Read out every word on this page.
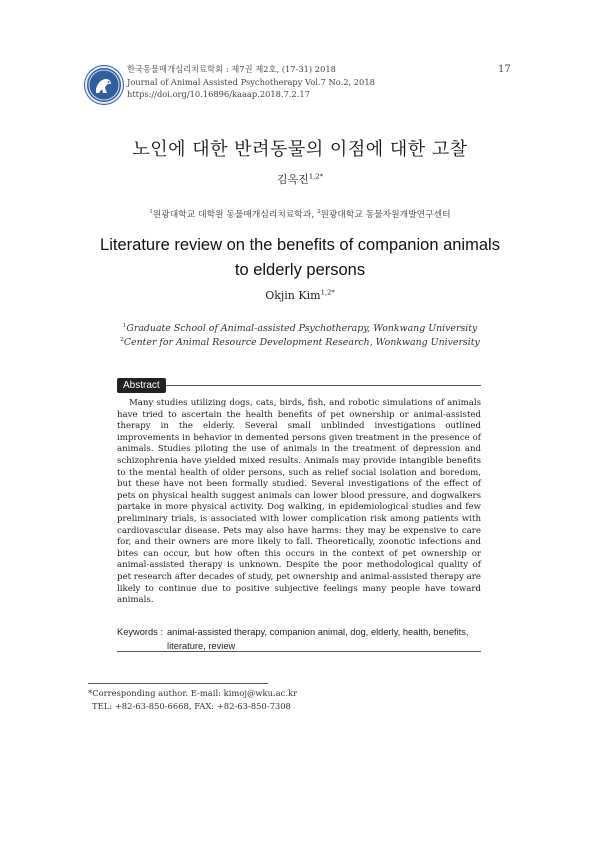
한국동물매개심리치료학회 : 제7권 제2호, (17-31) 2018
Journal of Animal Assisted Psychotherapy Vol.7 No.2, 2018
https://doi.org/10.16896/kaaap.2018.7.2.17
17
노인에 대한 반려동물의 이점에 대한 고찰
김옥진$^{1,2*}$
$^1$원광대학교 대학원 동물매개심리치료학과, $^2$원광대학교 동물자원개발연구센터
Literature review on the benefits of companion animals to elderly persons
Okjin Kim$^{1,2*}$
$^1$Graduate School of Animal-assisted Psychotherapy, Wonkwang University
$^2$Center for Animal Resource Development Research, Wonkwang University
Abstract
Many studies utilizing dogs, cats, birds, fish, and robotic simulations of animals have tried to ascertain the health benefits of pet ownership or animal-assisted therapy in the elderly. Several small unblinded investigations outlined improvements in behavior in demented persons given treatment in the presence of animals. Studies piloting the use of animals in the treatment of depression and schizophrenia have yielded mixed results. Animals may provide intangible benefits to the mental health of older persons, such as relief social isolation and boredom, but these have not been formally studied. Several investigations of the effect of pets on physical health suggest animals can lower blood pressure, and dogwalkers partake in more physical activity. Dog walking, in epidemiological studies and few preliminary trials, is associated with lower complication risk among patients with cardiovascular disease. Pets may also have harms: they may be expensive to care for, and their owners are more likely to fall. Theoretically, zoonotic infections and bites can occur, but how often this occurs in the context of pet ownership or animal-assisted therapy is unknown. Despite the poor methodological quality of pet research after decades of study, pet ownership and animal-assisted therapy are likely to continue due to positive subjective feelings many people have toward animals.
Keywords : animal-assisted therapy, companion animal, dog, elderly, health, benefits, literature, review
*Corresponding author. E-mail: kimoj@wku.ac.kr
TEL: +82-63-850-6668, FAX: +82-63-850-7308
